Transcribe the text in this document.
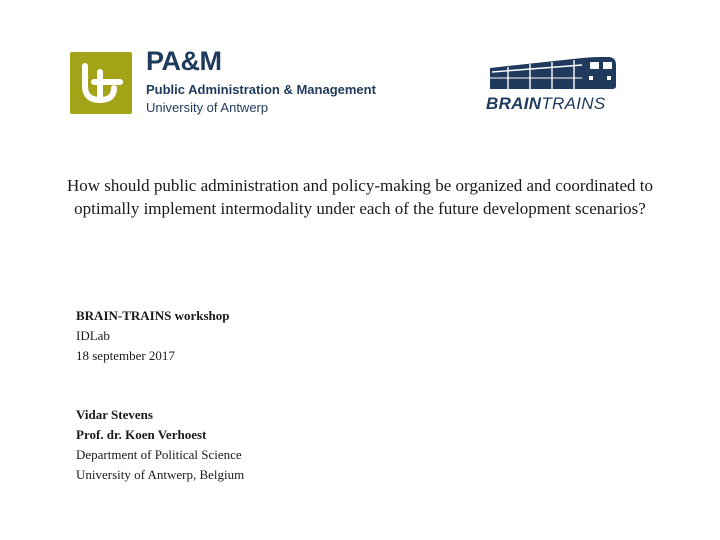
PA&M
Public Administration & Management
University of Antwerp	BRAINTRAINS
How should public administration and policy-making be organized and coordinated to optimally implement intermodality under each of the future development scenarios?
BRAIN-TRAINS workshop
IDLab
18 september 2017
Vidar Stevens
Prof. dr. Koen Verhoest
Department of Political Science
University of Antwerp, Belgium
